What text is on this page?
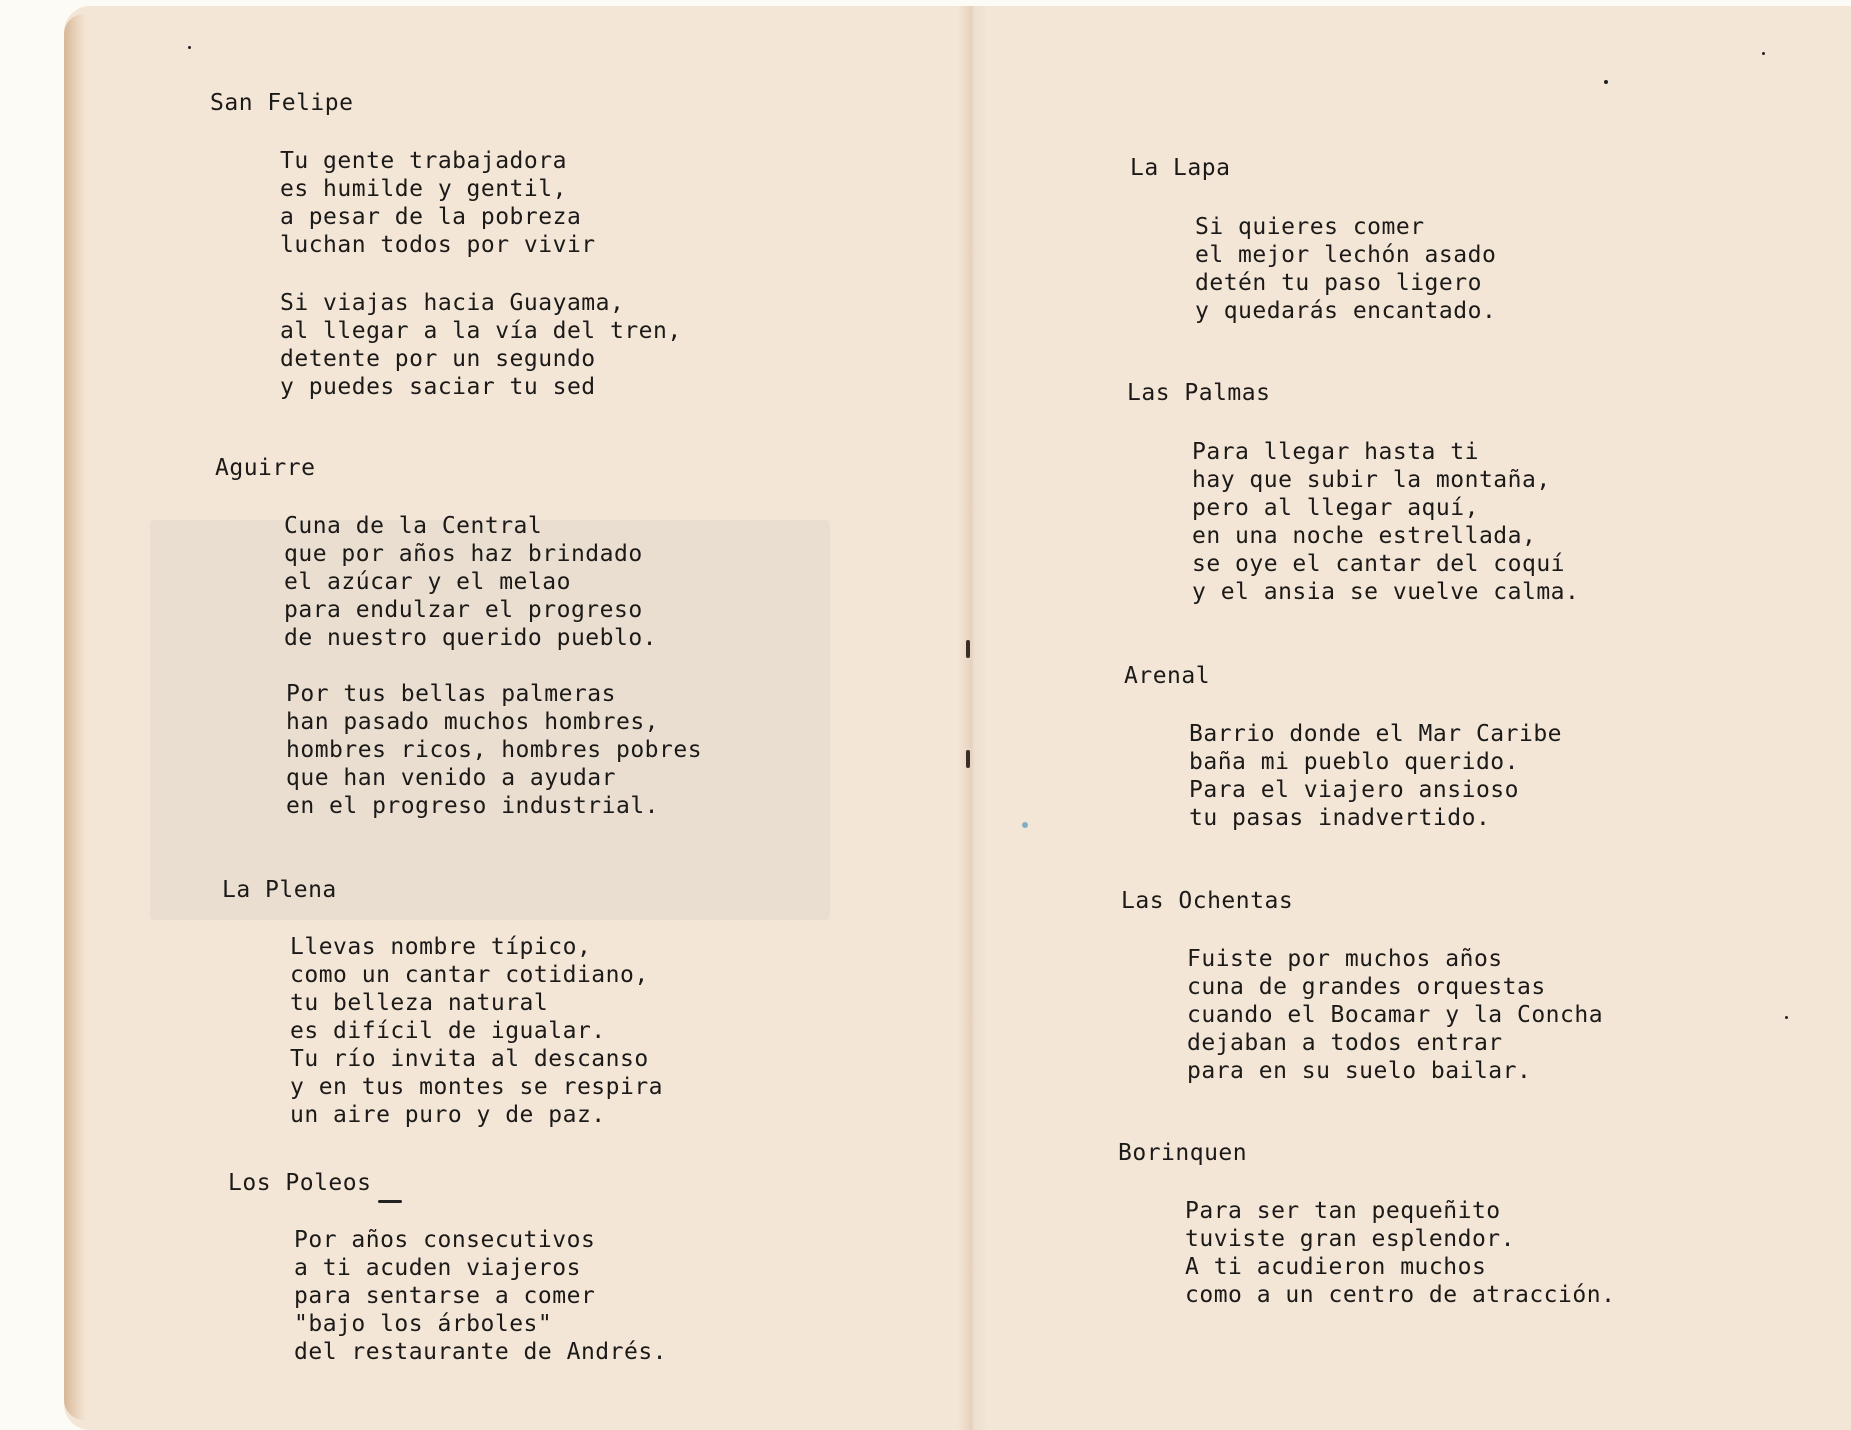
San Felipe
Tu gente trabajadora
es humilde y gentil,
a pesar de la pobreza
luchan todos por vivir
Si viajas hacia Guayama,
al llegar a la vía del tren,
detente por un segundo
y puedes saciar tu sed
Aguirre
Cuna de la Central
que por años haz brindado
el azúcar y el melao
para endulzar el progreso
de nuestro querido pueblo.
Por tus bellas palmeras
han pasado muchos hombres,
hombres ricos, hombres pobres
que han venido a ayudar
en el progreso industrial.
La Plena
Llevas nombre típico,
como un cantar cotidiano,
tu belleza natural
es difícil de igualar.
Tu río invita al descanso
y en tus montes se respira
un aire puro y de paz.
Los Poleos
Por años consecutivos
a ti acuden viajeros
para sentarse a comer
"bajo los árboles"
del restaurante de Andrés.
La Lapa
Si quieres comer
el mejor lechón asado
detén tu paso ligero
y quedarás encantado.
Las Palmas
Para llegar hasta ti
hay que subir la montaña,
pero al llegar aquí,
en una noche estrellada,
se oye el cantar del coquí
y el ansia se vuelve calma.
Arenal
Barrio donde el Mar Caribe
baña mi pueblo querido.
Para el viajero ansioso
tu pasas inadvertido.
Las Ochentas
Fuiste por muchos años
cuna de grandes orquestas
cuando el Bocamar y la Concha
dejaban a todos entrar
para en su suelo bailar.
Borinquen
Para ser tan pequeñito
tuviste gran esplendor.
A ti acudieron muchos
como a un centro de atracción.
